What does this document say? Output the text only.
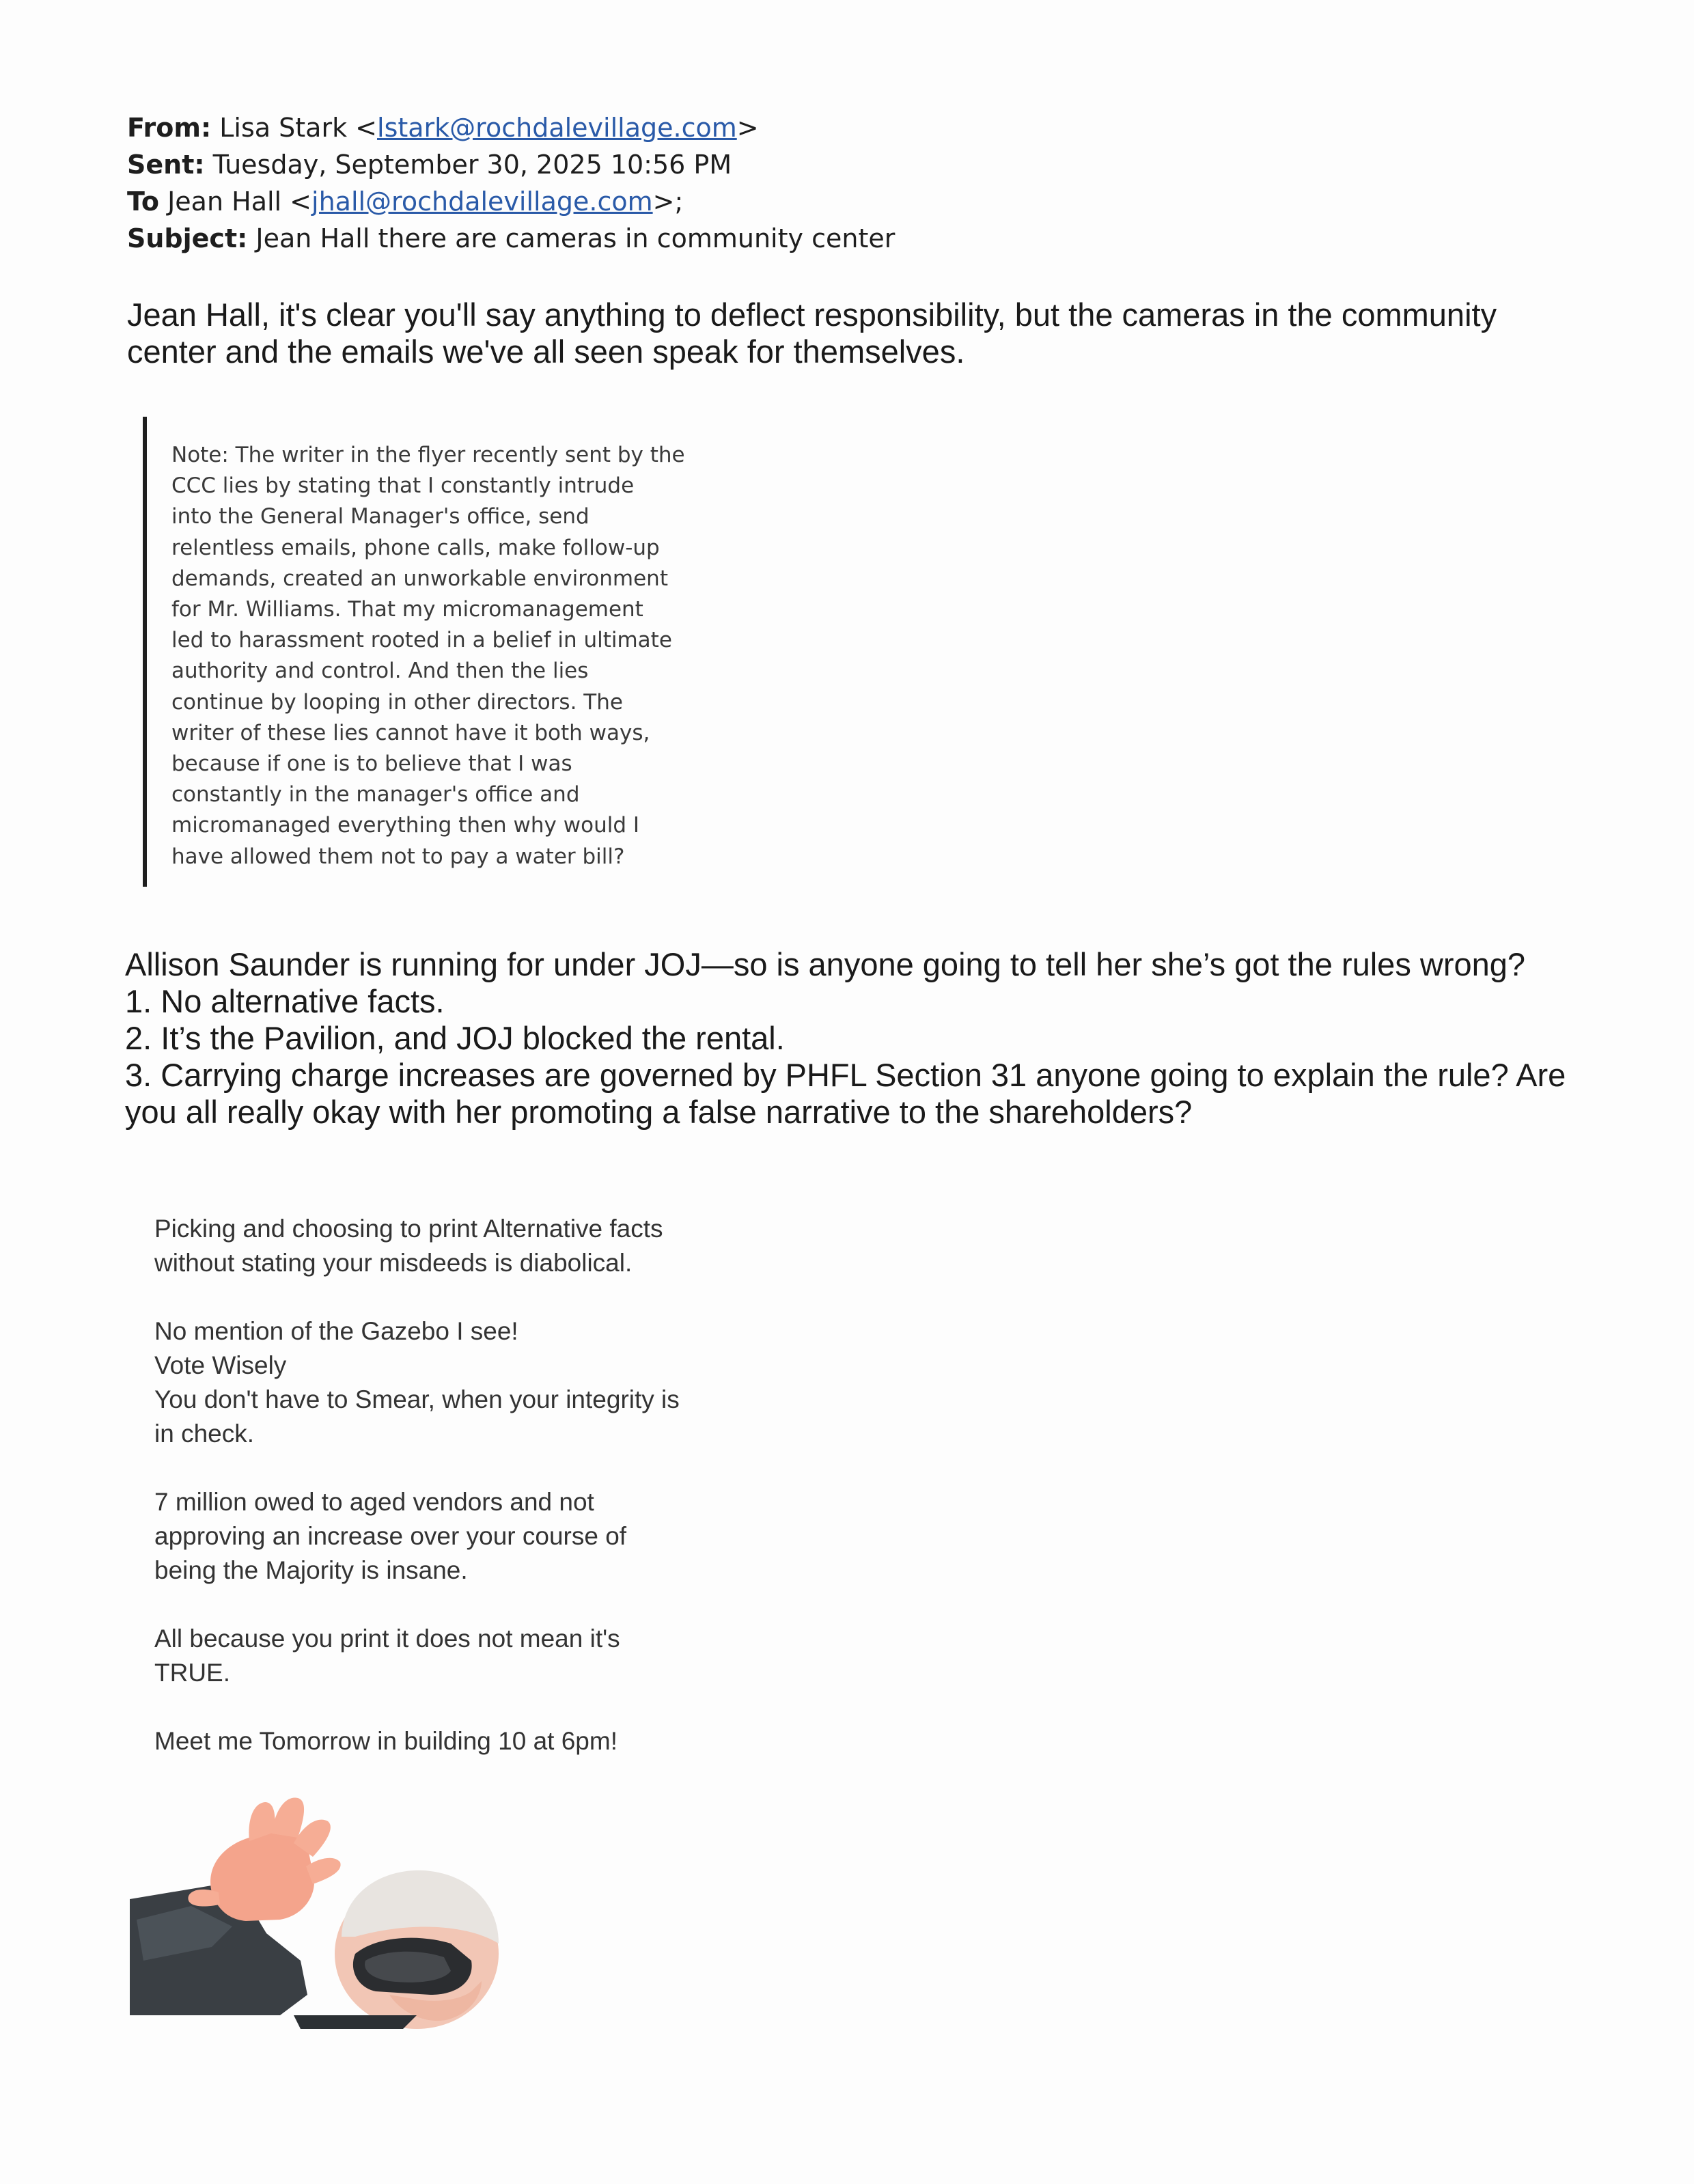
From: Lisa Stark <lstark@rochdalevillage.com>
Sent: Tuesday, September 30, 2025 10:56 PM
To Jean Hall <jhall@rochdalevillage.com>;
Subject: Jean Hall there are cameras in community center
Jean Hall, it's clear you'll say anything to deflect responsibility, but the cameras in the community center and the emails we've all seen speak for themselves.
Note: The writer in the flyer recently sent by the
CCC lies by stating that I constantly intrude
into the General Manager's office, send
relentless emails, phone calls, make follow-up
demands, created an unworkable environment
for Mr. Williams. That my micromanagement
led to harassment rooted in a belief in ultimate
authority and control. And then the lies
continue by looping in other directors. The
writer of these lies cannot have it both ways,
because if one is to believe that I was
constantly in the manager's office and
micromanaged everything then why would I
have allowed them not to pay a water bill?
Allison Saunder is running for under JOJ—so is anyone going to tell her she’s got the rules wrong?
1. No alternative facts.
2. It’s the Pavilion, and JOJ blocked the rental.
3. Carrying charge increases are governed by PHFL Section 31 anyone going to explain the rule? Are
you all really okay with her promoting a false narrative to the shareholders?
Picking and choosing to print Alternative facts
without stating your misdeeds is diabolical.
No mention of the Gazebo I see!
Vote Wisely
You don't have to Smear, when your integrity is
in check.
7 million owed to aged vendors and not
approving an increase over your course of
being the Majority is insane.
All because you print it does not mean it's
TRUE.
Meet me Tomorrow in building 10 at 6pm!
